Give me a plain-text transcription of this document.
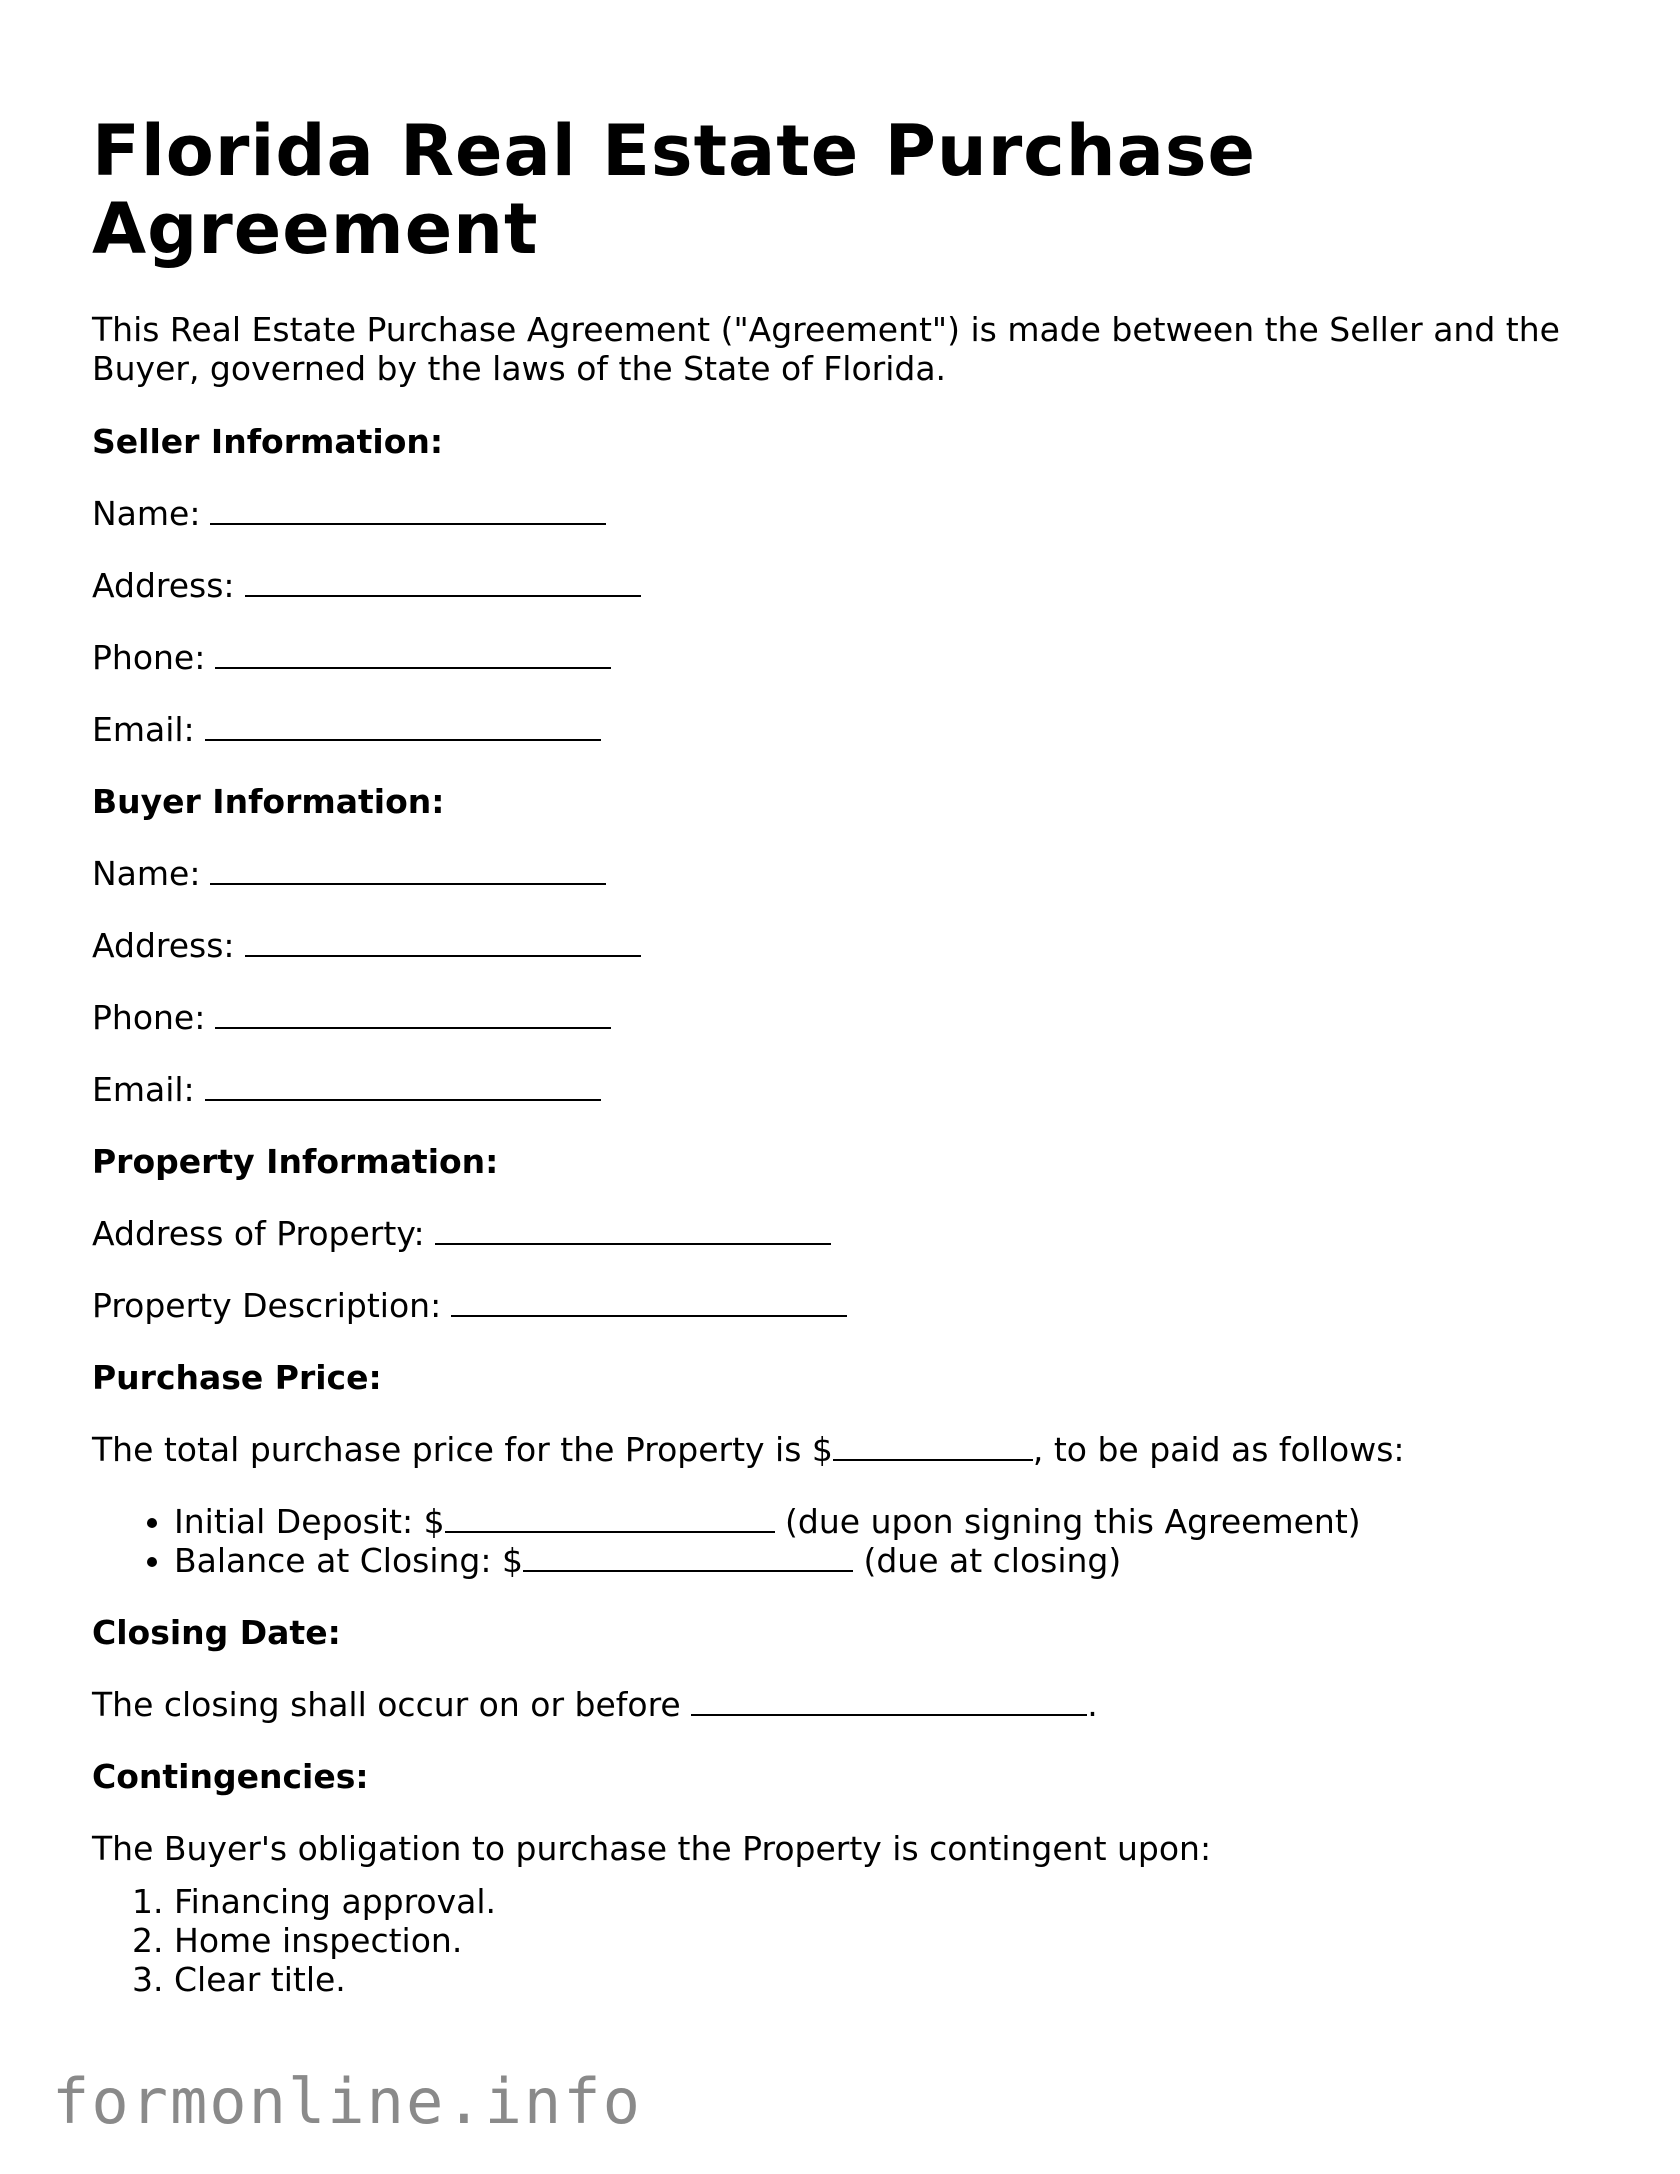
Florida Real Estate Purchase Agreement

This Real Estate Purchase Agreement ("Agreement") is made between the Seller and the Buyer, governed by the laws of the State of Florida.

Seller Information:

Name:

Address:

Phone:

Email:

Buyer Information:

Name:

Address:

Phone:

Email:

Property Information:

Address of Property:

Property Description:

Purchase Price:

The total purchase price for the Property is $	, to be paid as follows:

• Initial Deposit: $	(due upon signing this Agreement)
• Balance at Closing: $	(due at closing)
Closing Date:

The closing shall occur on or before	.

Contingencies:

The Buyer's obligation to purchase the Property is contingent upon:

1. Financing approval.
2. Home inspection.
3. Clear title.
formonline.info
